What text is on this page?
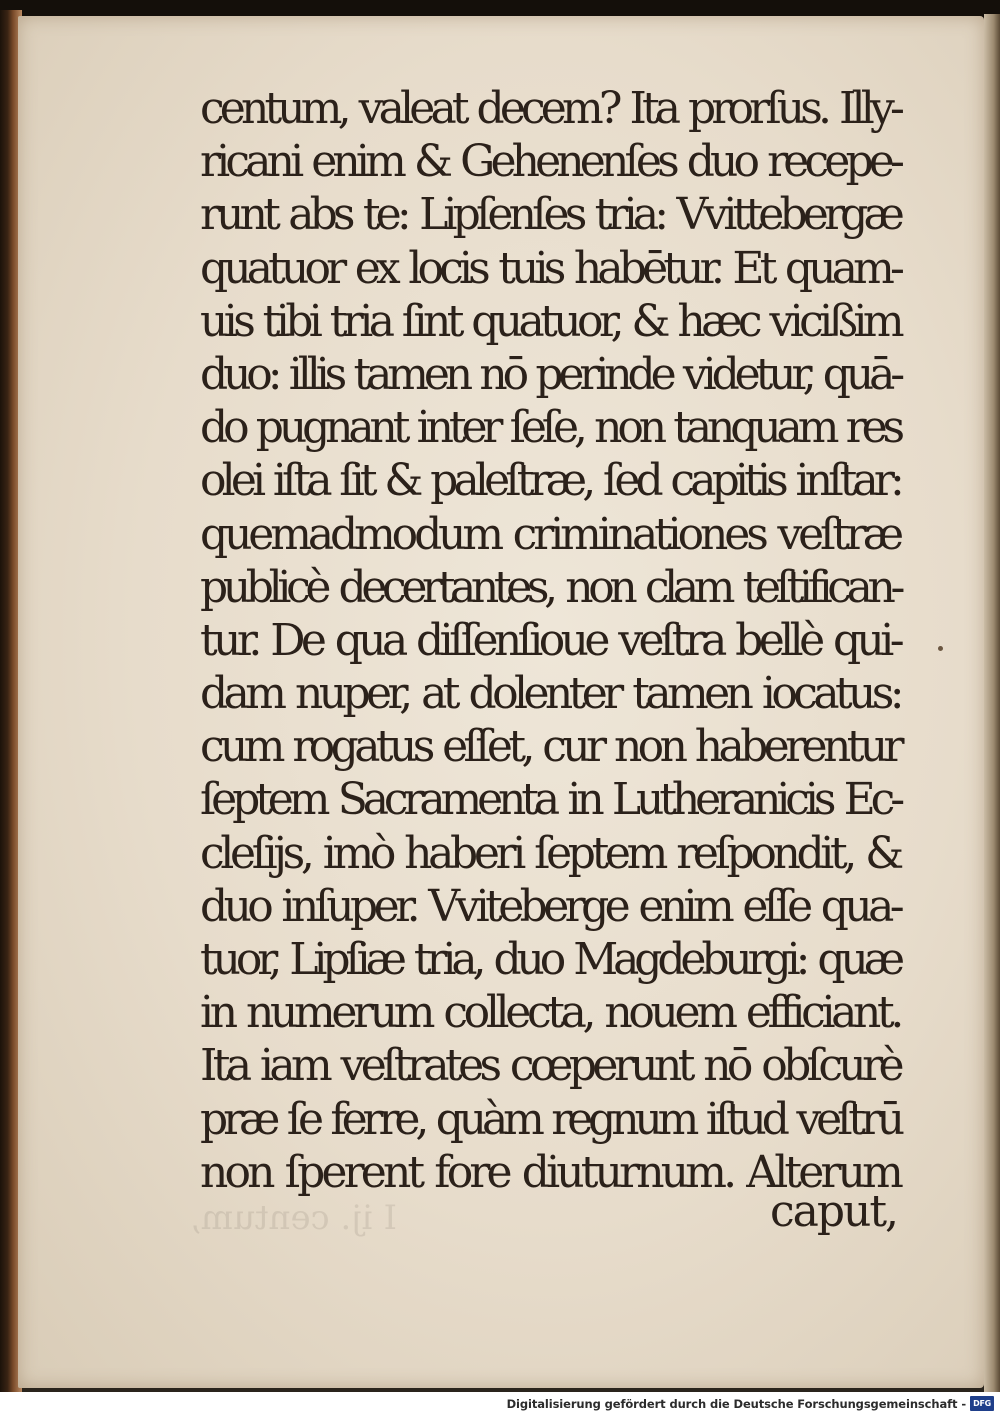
I ij. centum,
centum, valeat decem? Ita prorſus. Illy-
ricani enim & Gehenenſes duo recepe-
runt abs te: Lipſenſes tria: Vvittebergæ
quatuor ex locis tuis habētur. Et quam-
uis tibi tria ſint quatuor, & hæc vicißim
duo: illis tamen nō perinde videtur, quā-
do pugnant inter ſeſe, non tanquam res
olei iſta ſit & paleſtræ, ſed capitis inſtar:
quemadmodum criminationes veſtræ
publicè decertantes, non clam teſtifican-
tur. De qua diſſenſioue veſtra bellè qui-
dam nuper, at dolenter tamen iocatus:
cum rogatus eſſet, cur non haberentur
ſeptem Sacramenta in Lutheranicis Ec-
cleſijs, imò haberi ſeptem reſpondit, &
duo inſuper. Vviteberge enim eſſe qua-
tuor, Lipſiæ tria, duo Magdeburgi: quæ
in numerum collecta, nouem efficiant.
Ita iam veſtrates cœperunt nō obſcurè
præ ſe ferre, quàm regnum iſtud veſtrū
non ſperent fore diuturnum. Alterum
caput,
Digitalisierung gefördert durch die Deutsche Forschungsgemeinschaft - DFG
